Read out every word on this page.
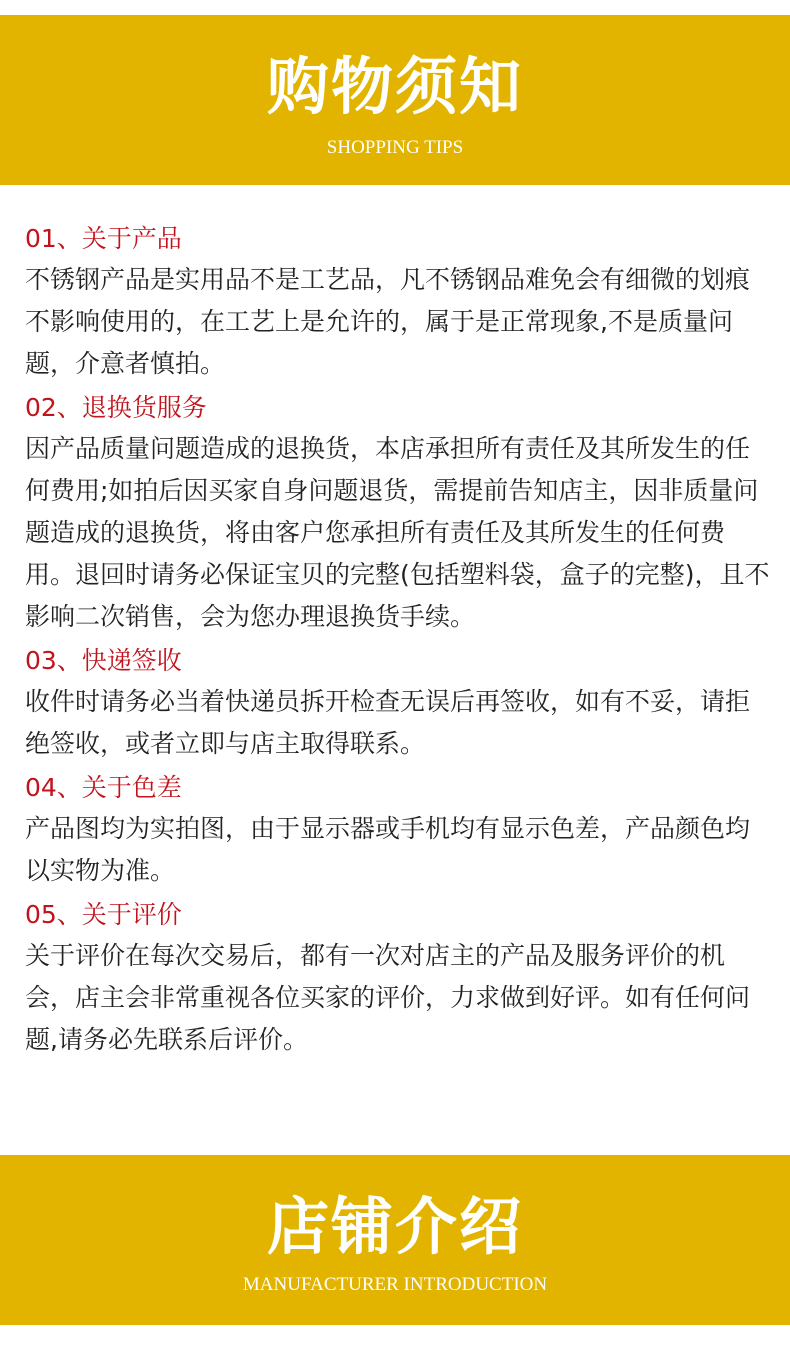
购物须知
SHOPPING TIPS
01、关于产品
不锈钢产品是实用品不是工艺品，凡不锈钢品难免会有细微的划痕不影响使用的，在工艺上是允许的，属于是正常现象,不是质量问题，介意者慎拍。
02、退换货服务
因产品质量问题造成的退换货，本店承担所有责任及其所发生的任何费用;如拍后因买家自身问题退货，需提前告知店主，因非质量问题造成的退换货，将由客户您承担所有责任及其所发生的任何费用。退回时请务必保证宝贝的完整(包括塑料袋，盒子的完整)，且不影响二次销售，会为您办理退换货手续。
03、快递签收
收件时请务必当着快递员拆开检查无误后再签收，如有不妥，请拒绝签收，或者立即与店主取得联系。
04、关于色差
产品图均为实拍图，由于显示器或手机均有显示色差，产品颜色均以实物为准。
05、关于评价
关于评价在每次交易后，都有一次对店主的产品及服务评价的机会，店主会非常重视各位买家的评价，力求做到好评。如有任何问题,请务必先联系后评价。
店铺介绍
MANUFACTURER INTRODUCTION
